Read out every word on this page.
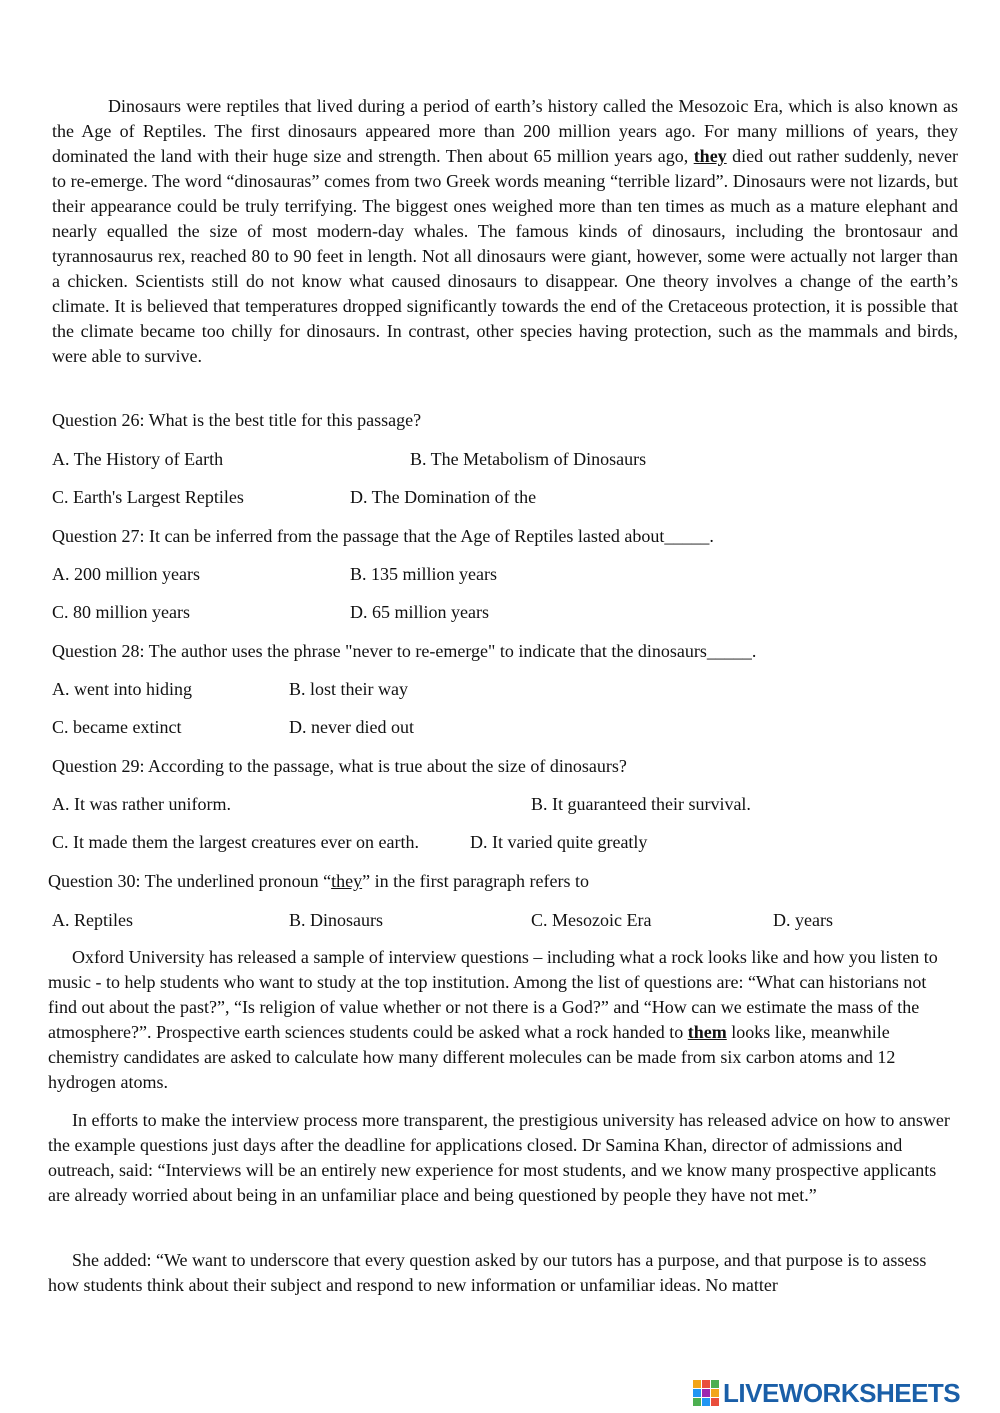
Dinosaurs were reptiles that lived during a period of earth’s history called the Mesozoic Era, which is also known as the Age of Reptiles. The first dinosaurs appeared more than 200 million years ago. For many millions of years, they dominated the land with their huge size and strength. Then about 65 million years ago, they died out rather suddenly, never to re-emerge. The word “dinosauras” comes from two Greek words meaning “terrible lizard”. Dinosaurs were not lizards, but their appearance could be truly terrifying. The biggest ones weighed more than ten times as much as a mature elephant and nearly equalled the size of most modern-day whales. The famous kinds of dinosaurs, including the brontosaur and tyrannosaurus rex, reached 80 to 90 feet in length. Not all dinosaurs were giant, however, some were actually not larger than a chicken. Scientists still do not know what caused dinosaurs to disappear. One theory involves a change of the earth’s climate. It is believed that temperatures dropped significantly towards the end of the Cretaceous protection, it is possible that the climate became too chilly for dinosaurs. In contrast, other species having protection, such as the mammals and birds, were able to survive.

Question 26: What is the best title for this passage?
A. The History of Earth	B. The Metabolism of Dinosaurs
C. Earth's Largest Reptiles	D. The Domination of the
Question 27: It can be inferred from the passage that the Age of Reptiles lasted about_____.
A. 200 million years	B. 135 million years
C. 80 million years	D. 65 million years
Question 28: The author uses the phrase "never to re-emerge" to indicate that the dinosaurs_____.
A. went into hiding	B. lost their way
C. became extinct	D. never died out
Question 29: According to the passage, what is true about the size of dinosaurs?
A. It was rather uniform.	B. It guaranteed their survival.
C. It made them the largest creatures ever on earth.	D. It varied quite greatly
Question 30: The underlined pronoun “they” in the first paragraph refers to
A. Reptiles	B. Dinosaurs	C. Mesozoic Era	D. years

Oxford University has released a sample of interview questions – including what a rock looks like and how you listen to music - to help students who want to study at the top institution. Among the list of questions are: “What can historians not find out about the past?”, “Is religion of value whether or not there is a God?” and “How can we estimate the mass of the atmosphere?”. Prospective earth sciences students could be asked what a rock handed to them looks like, meanwhile chemistry candidates are asked to calculate how many different molecules can be made from six carbon atoms and 12 hydrogen atoms.

In efforts to make the interview process more transparent, the prestigious university has released advice on how to answer the example questions just days after the deadline for applications closed. Dr Samina Khan, director of admissions and outreach, said: “Interviews will be an entirely new experience for most students, and we know many prospective applicants are already worried about being in an unfamiliar place and being questioned by people they have not met.”

She added: “We want to underscore that every question asked by our tutors has a purpose, and that purpose is to assess how students think about their subject and respond to new information or unfamiliar ideas. No matter

LIVEWORKSHEETS
